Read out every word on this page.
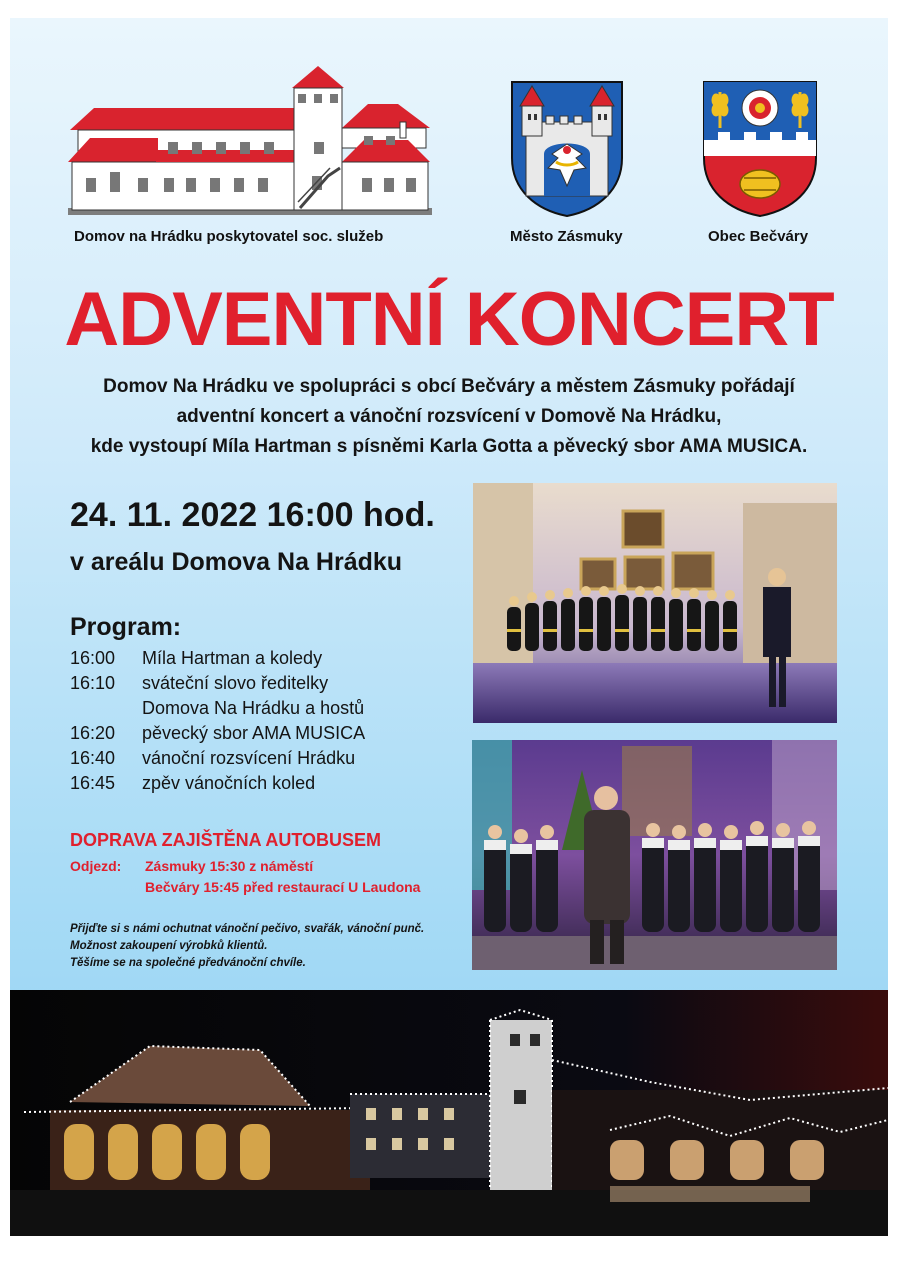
Domov na Hrádku poskytovatel soc. služeb	Město Zásmuky	Obec Bečváry
ADVENTNÍ KONCERT
Domov Na Hrádku ve spolupráci s obcí Bečváry a městem Zásmuky pořádají
adventní koncert a vánoční rozsvícení v Domově Na Hrádku,
kde vystoupí Míla Hartman s písněmi Karla Gotta a pěvecký sbor AMA MUSICA.
24. 11. 2022 16:00 hod.
v areálu Domova Na Hrádku
Program:
16:00	Míla Hartman a koledy
16:10	sváteční slovo ředitelky
Domova Na Hrádku a hostů
16:20	pěvecký sbor AMA MUSICA
16:40	vánoční rozsvícení Hrádku
16:45	zpěv vánočních koled
DOPRAVA ZAJIŠTĚNA AUTOBUSEM
Odjezd:	Zásmuky 15:30 z náměstí
Bečváry 15:45 před restaurací U Laudona
Přijďte si s námi ochutnat vánoční pečivo, svařák, vánoční punč.
Možnost zakoupení výrobků klientů.
Těšíme se na společné předvánoční chvíle.
